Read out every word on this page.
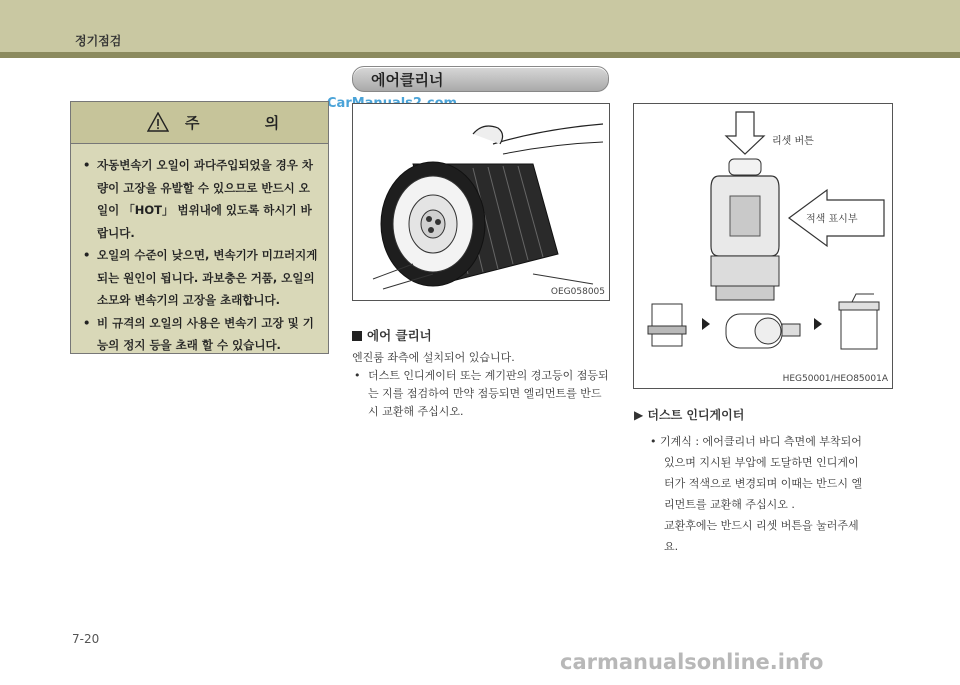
정기점검
에어클리너
주 의
• 자동변속기 오일이 과다주입되었을 경우 차량이 고장을 유발할 수 있으므로 반드시 오일이 「HOT」 범위내에 있도록 하시기 바랍니다.
• 오일의 수준이 낮으면, 변속기가 미끄러지게 되는 원인이 됩니다. 과보충은 거품, 오일의 소모와 변속기의 고장을 초래합니다.
• 비 규격의 오일의 사용은 변속기 고장 및 기능의 정지 등을 초래 할 수 있습니다.
OEG058005
에어 클리너
엔진룸 좌측에 설치되어 있습니다.
• 더스트 인디게이터 또는 계기판의 경고등이 점등되는 지를 점검하여 만약 점등되면 엘리먼트를 반드시 교환해 주십시오.
리셋 버튼
적색 표시부
HEG50001/HEO85001A
▶ 더스트 인디게이터
• 기계식 : 에어클리너 바디 측면에 부착되어
있으며 지시된 부압에 도달하면 인디게이
터가 적색으로 변경되며 이때는 반드시 엘
리먼트를 교환해 주십시오 .
교환후에는 반드시 리셋 버튼을 눌러주세
요.
7-20
carmanualsonline.info
